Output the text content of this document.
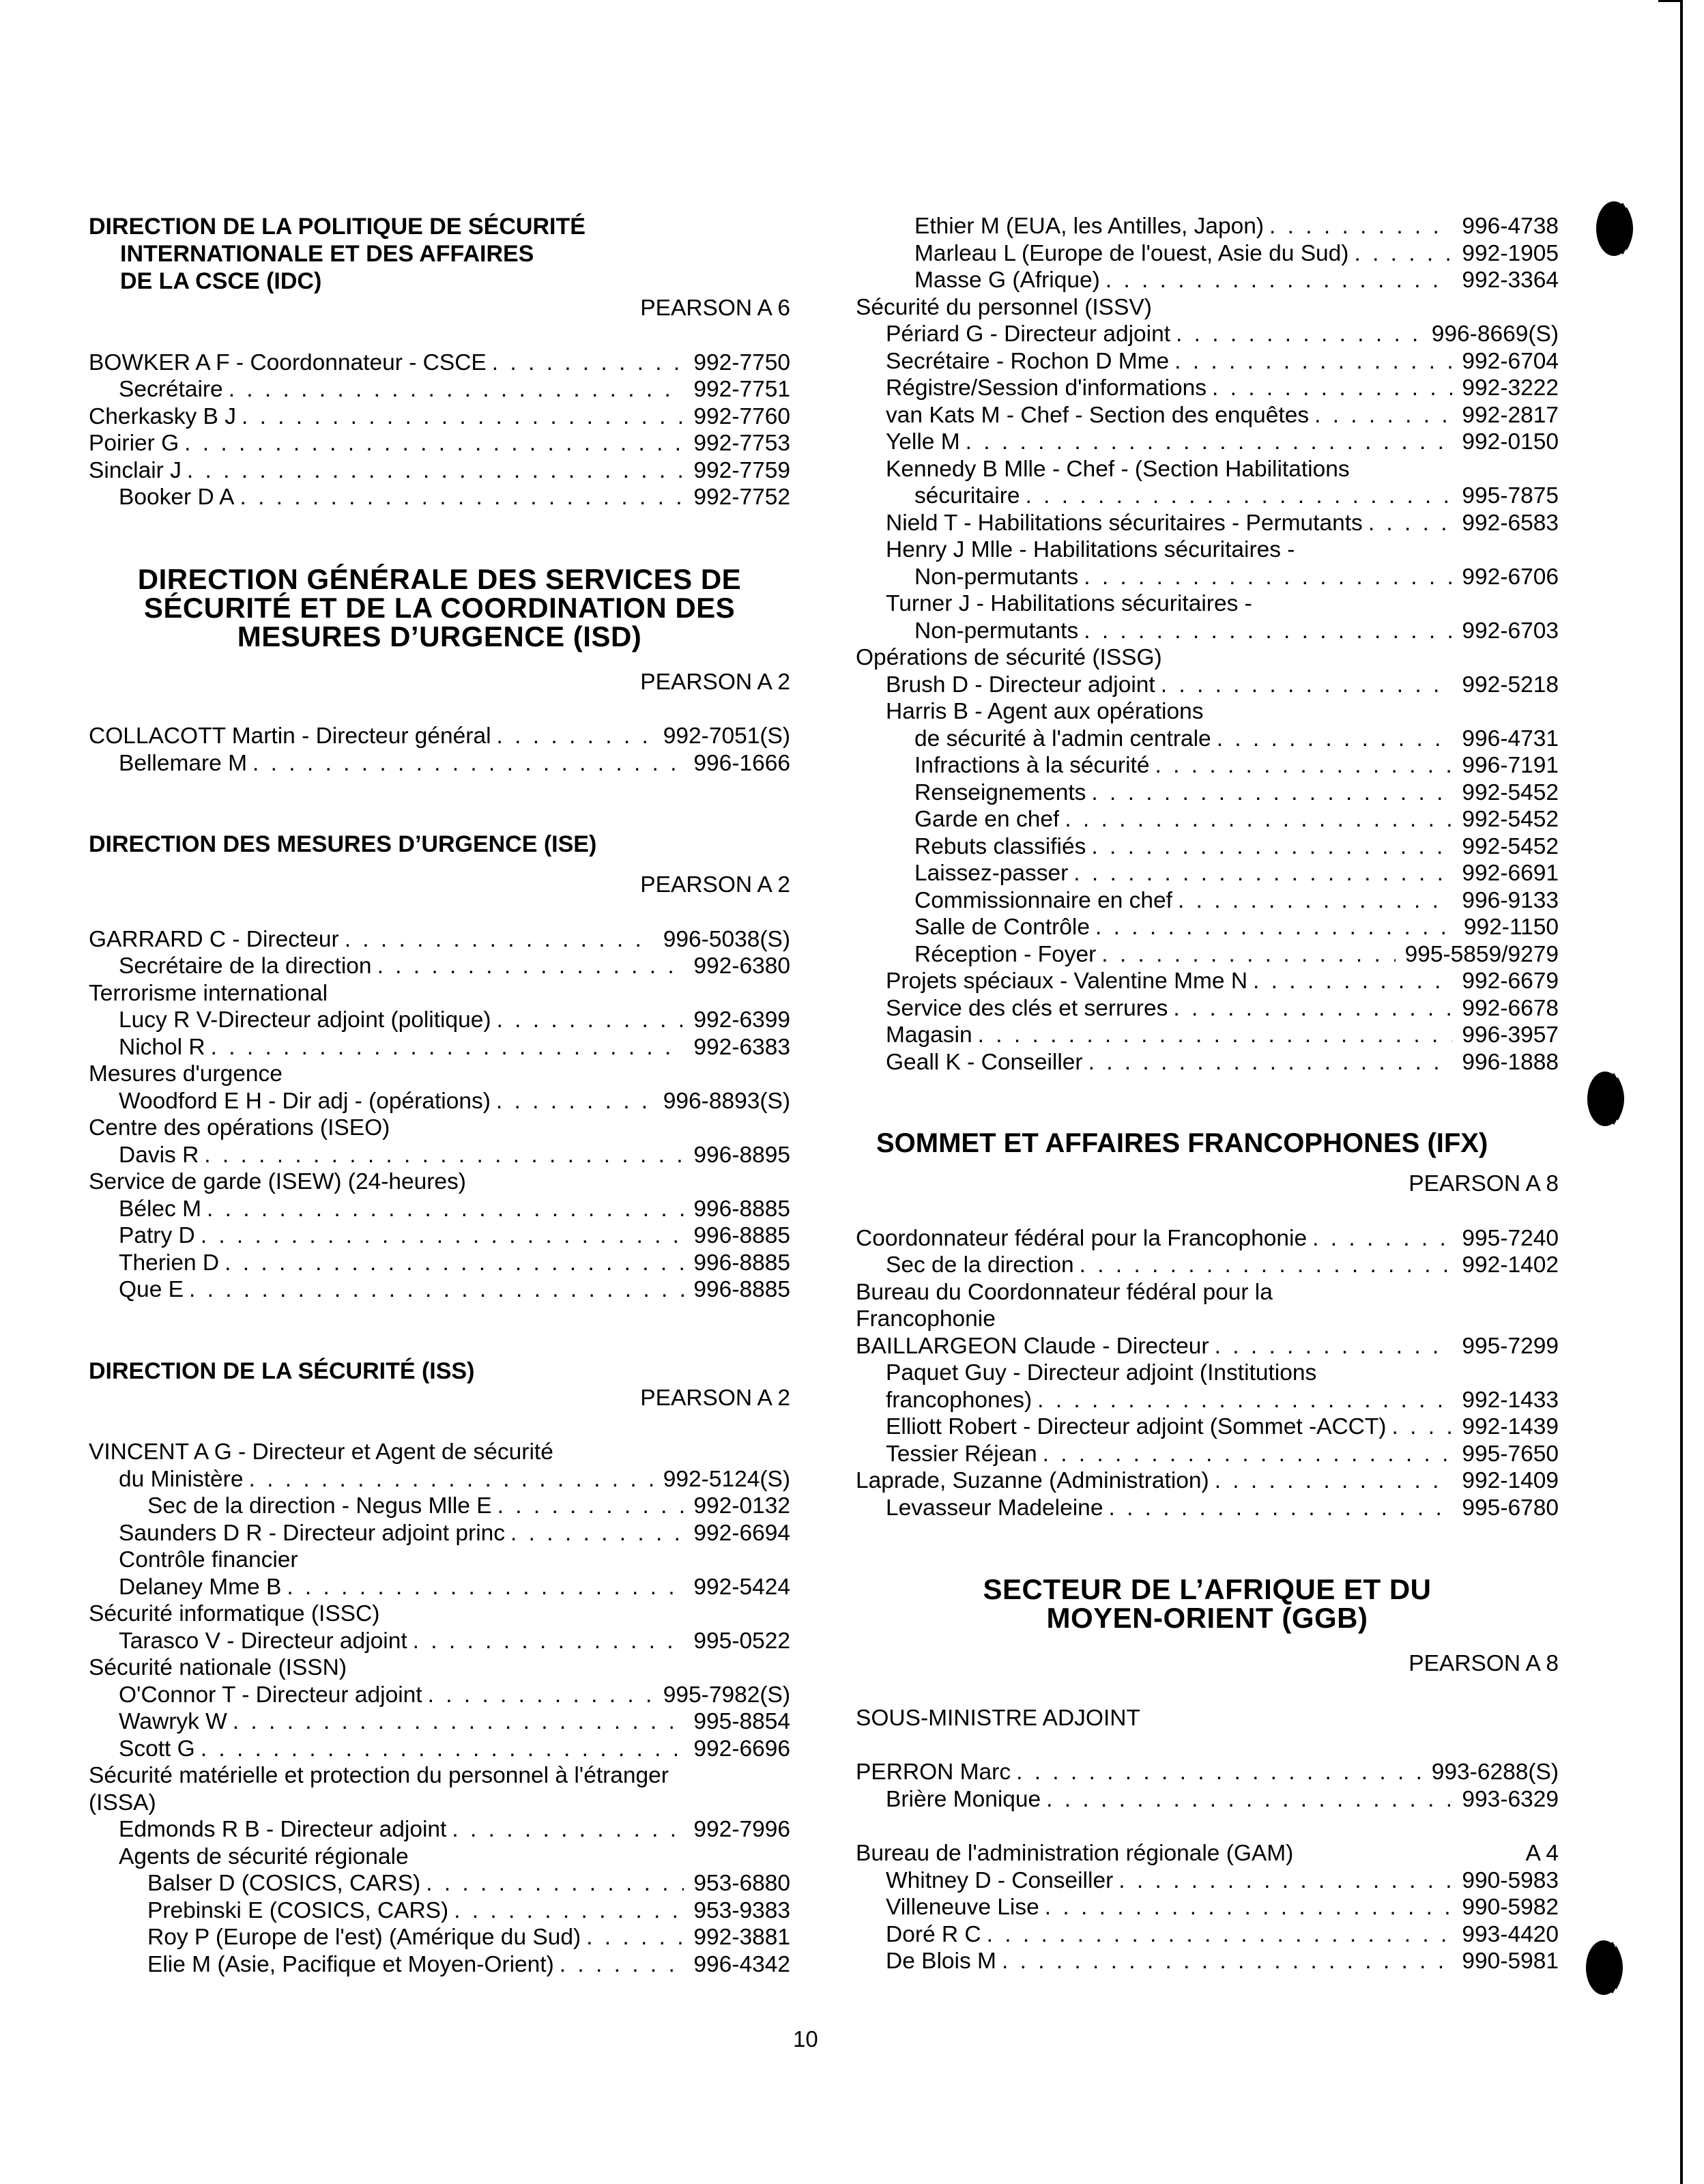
DIRECTION DE LA POLITIQUE DE SÉCURITÉ
INTERNATIONALE ET DES AFFAIRES
DE LA CSCE (IDC)
PEARSON A 6
BOWKER A F - Coordonnateur - CSCE . . .	992-7750
Secrétaire . . .	992-7751
Cherkasky B J . . .	992-7760
Poirier G . . .	992-7753
Sinclair J . . .	992-7759
Booker D A . . .	992-7752
DIRECTION GÉNÉRALE DES SERVICES DE
SÉCURITÉ ET DE LA COORDINATION DES
MESURES D’URGENCE (ISD)
PEARSON A 2
COLLACOTT Martin - Directeur général . . .	992-7051(S)
Bellemare M . . .	996-1666
DIRECTION DES MESURES D’URGENCE (ISE)
PEARSON A 2
GARRARD C - Directeur . . .	996-5038(S)
Secrétaire de la direction . . .	992-6380
Terrorisme international
Lucy R V-Directeur adjoint (politique) . . .	992-6399
Nichol R . . .	992-6383
Mesures d'urgence
Woodford E H - Dir adj - (opérations) . . .	996-8893(S)
Centre des opérations (ISEO)
Davis R . . .	996-8895
Service de garde (ISEW) (24-heures)
Bélec M . . .	996-8885
Patry D . . .	996-8885
Therien D . . .	996-8885
Que E . . .	996-8885
DIRECTION DE LA SÉCURITÉ (ISS)
PEARSON A 2
VINCENT A G - Directeur et Agent de sécurité
du Ministère . . .	992-5124(S)
Sec de la direction - Negus Mlle E . . .	992-0132
Saunders D R - Directeur adjoint princ . . .	992-6694
Contrôle financier
Delaney Mme B . . .	992-5424
Sécurité informatique (ISSC)
Tarasco V - Directeur adjoint . . .	995-0522
Sécurité nationale (ISSN)
O'Connor T - Directeur adjoint . . .	995-7982(S)
Wawryk W . . .	995-8854
Scott G . . .	992-6696
Sécurité matérielle et protection du personnel à l'étranger
(ISSA)
Edmonds R B - Directeur adjoint . . .	992-7996
Agents de sécurité régionale
Balser D (COSICS, CARS) . . .	953-6880
Prebinski E (COSICS, CARS) . . .	953-9383
Roy P (Europe de l'est) (Amérique du Sud) . . .	992-3881
Elie M (Asie, Pacifique et Moyen-Orient) . . .	996-4342
Ethier M (EUA, les Antilles, Japon) . . .	996-4738
Marleau L (Europe de l'ouest, Asie du Sud) . . .	992-1905
Masse G (Afrique) . . .	992-3364
Sécurité du personnel (ISSV)
Périard G - Directeur adjoint . . .	996-8669(S)
Secrétaire - Rochon D Mme . . .	992-6704
Régistre/Session d'informations . . .	992-3222
van Kats M - Chef - Section des enquêtes . . .	992-2817
Yelle M . . .	992-0150
Kennedy B Mlle - Chef - (Section Habilitations
sécuritaire . . .	995-7875
Nield T - Habilitations sécuritaires - Permutants . . .	992-6583
Henry J Mlle - Habilitations sécuritaires -
Non-permutants . . .	992-6706
Turner J - Habilitations sécuritaires -
Non-permutants . . .	992-6703
Opérations de sécurité (ISSG)
Brush D - Directeur adjoint . . .	992-5218
Harris B - Agent aux opérations
de sécurité à l'admin centrale . . .	996-4731
Infractions à la sécurité . . .	996-7191
Renseignements . . .	992-5452
Garde en chef . . .	992-5452
Rebuts classifiés . . .	992-5452
Laissez-passer . . .	992-6691
Commissionnaire en chef . . .	996-9133
Salle de Contrôle . . .	992-1150
Réception - Foyer . . .	995-5859/9279
Projets spéciaux - Valentine Mme N . . .	992-6679
Service des clés et serrures . . .	992-6678
Magasin . . .	996-3957
Geall K - Conseiller . . .	996-1888
SOMMET ET AFFAIRES FRANCOPHONES (IFX)
PEARSON A 8
Coordonnateur fédéral pour la Francophonie . . .	995-7240
Sec de la direction . . .	992-1402
Bureau du Coordonnateur fédéral pour la
Francophonie
BAILLARGEON Claude - Directeur . . .	995-7299
Paquet Guy - Directeur adjoint (Institutions
francophones) . . .	992-1433
Elliott Robert - Directeur adjoint (Sommet -ACCT) . . .	992-1439
Tessier Réjean . . .	995-7650
Laprade, Suzanne (Administration) . . .	992-1409
Levasseur Madeleine . . .	995-6780
SECTEUR DE L’AFRIQUE ET DU
MOYEN-ORIENT (GGB)
PEARSON A 8
SOUS-MINISTRE ADJOINT
PERRON Marc . . .	993-6288(S)
Brière Monique . . .	993-6329
Bureau de l'administration régionale (GAM)	A 4
Whitney D - Conseiller . . .	990-5983
Villeneuve Lise . . .	990-5982
Doré R C . . .	993-4420
De Blois M . . .	990-5981
10
